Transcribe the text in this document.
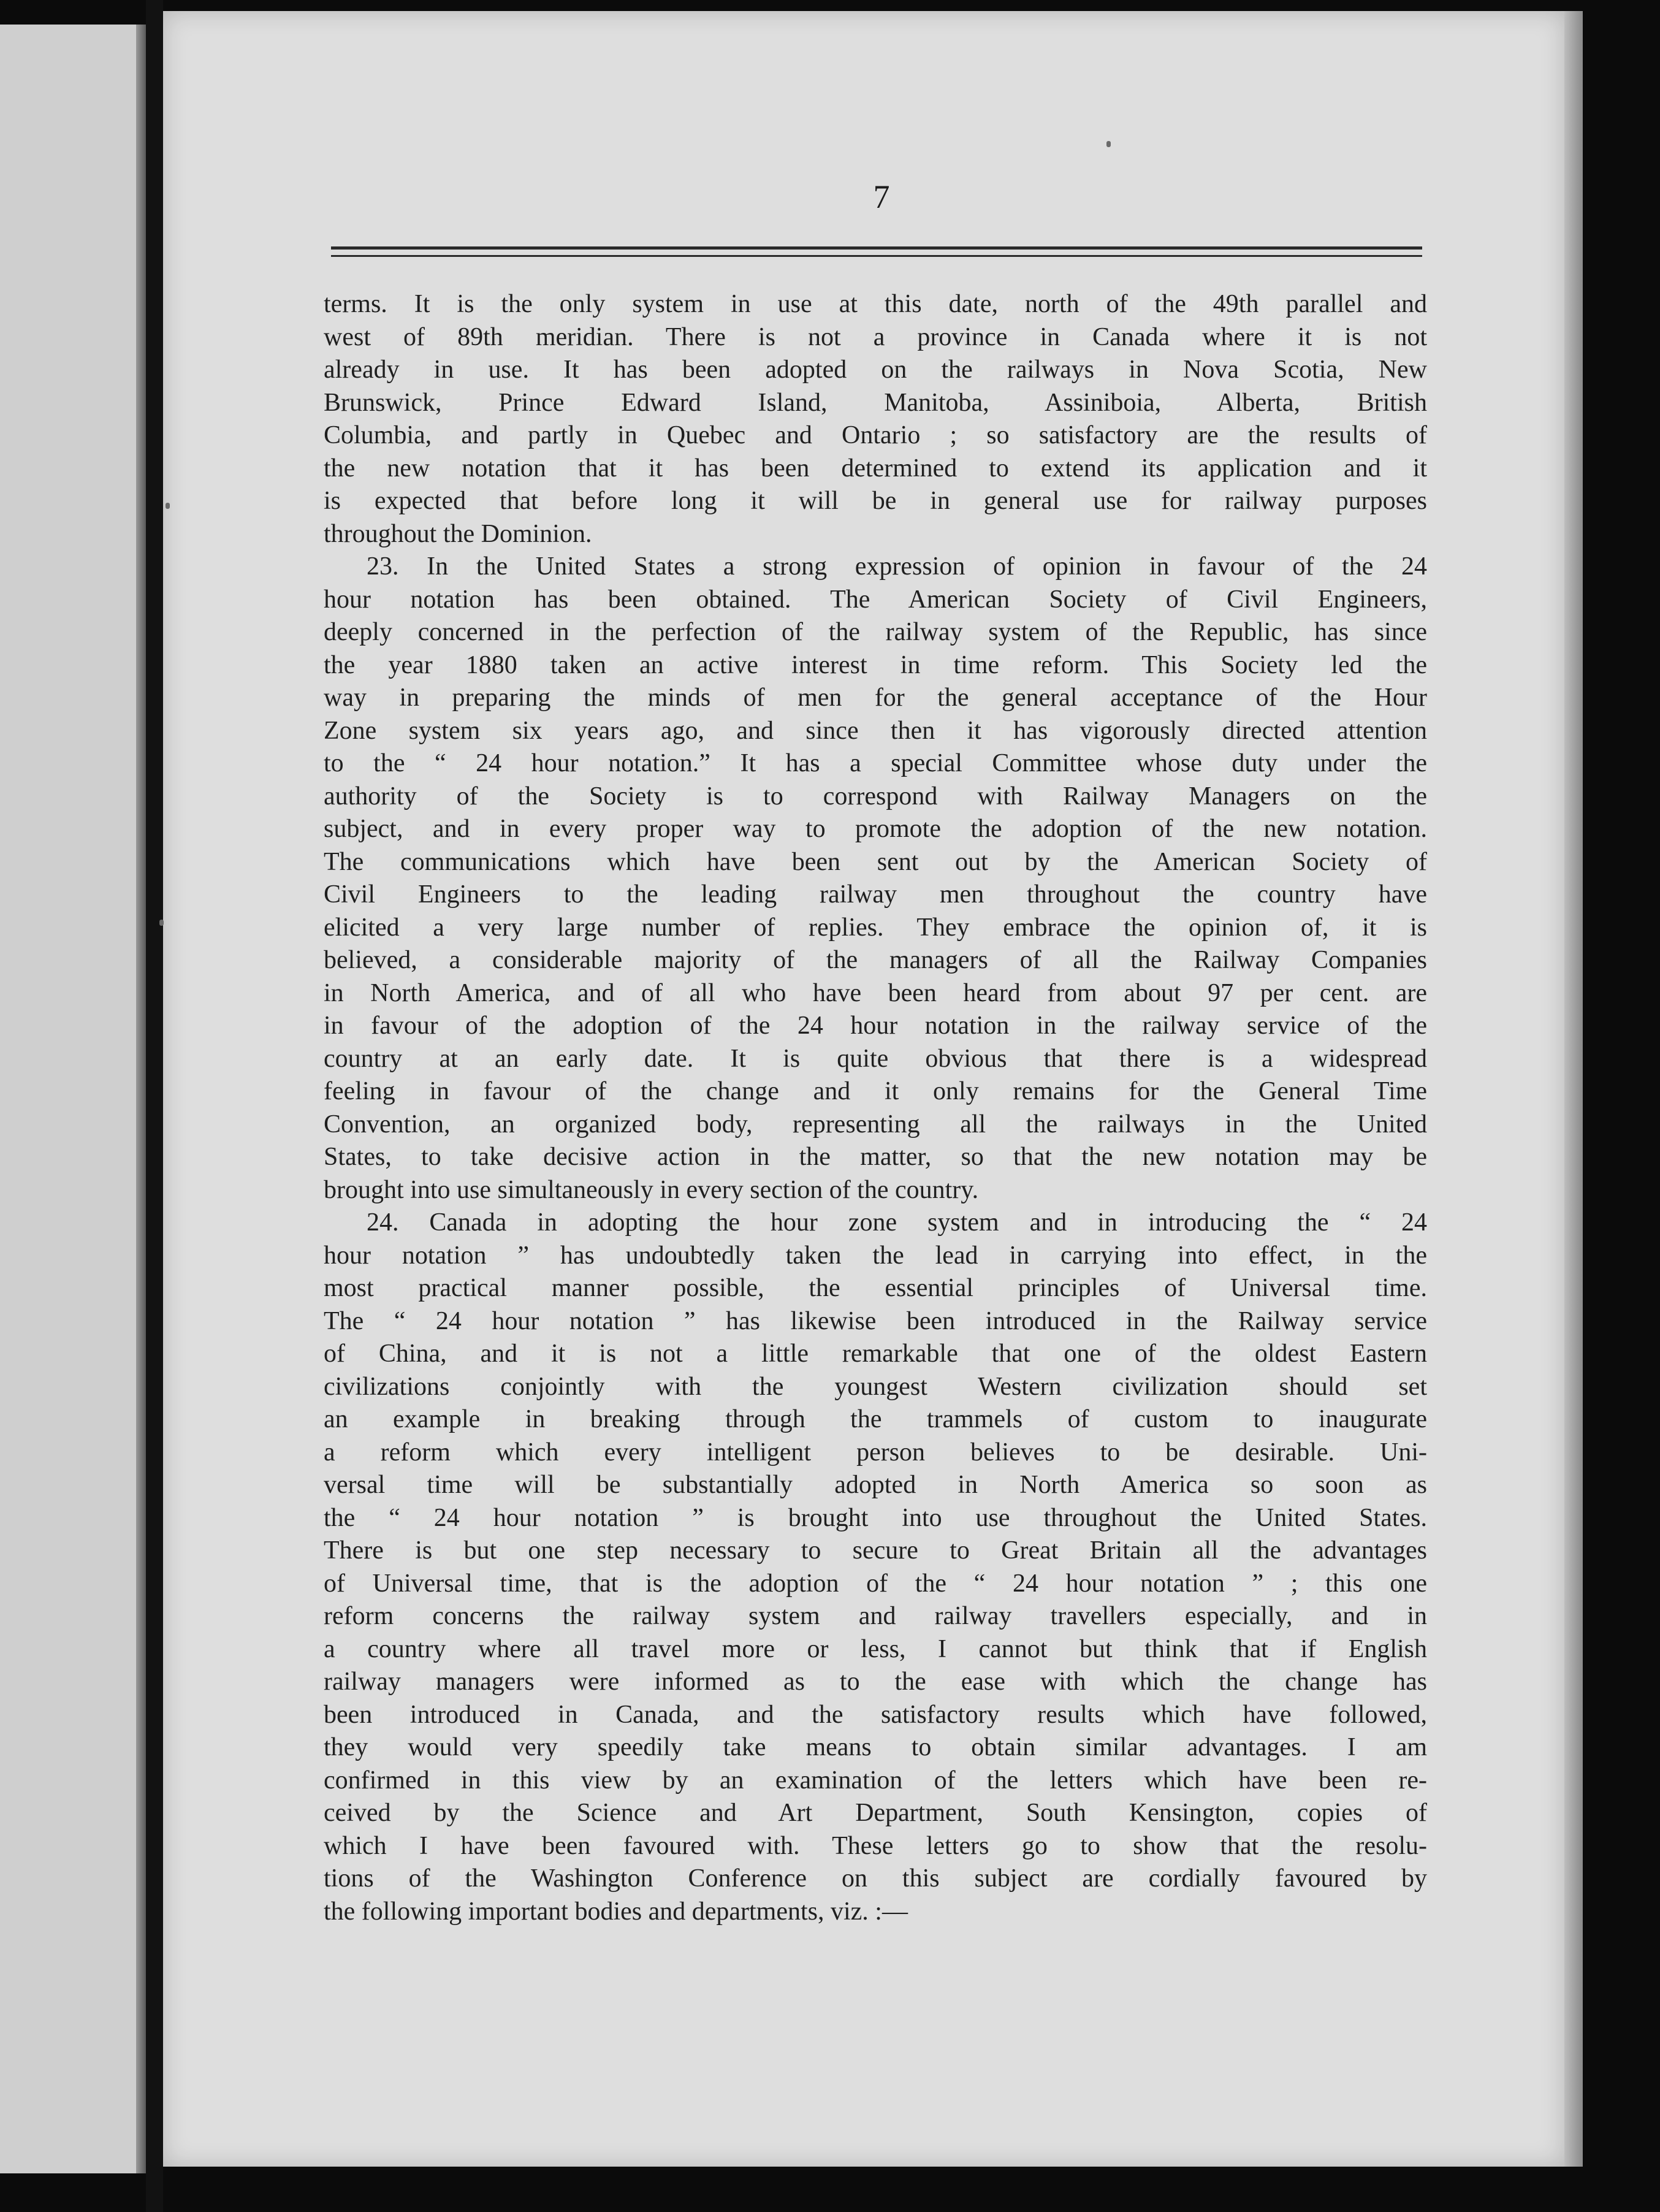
7
terms. It is the only system in use at this date, north of the 49th parallel and
west of 89th meridian. There is not a province in Canada where it is not
already in use. It has been adopted on the railways in Nova Scotia, New
Brunswick, Prince Edward Island, Manitoba, Assiniboia, Alberta, British
Columbia, and partly in Quebec and Ontario ; so satisfactory are the results of
the new notation that it has been determined to extend its application and it
is expected that before long it will be in general use for railway purposes
throughout the Dominion.
23. In the United States a strong expression of opinion in favour of the 24
hour notation has been obtained. The American Society of Civil Engineers,
deeply concerned in the perfection of the railway system of the Republic, has since
the year 1880 taken an active interest in time reform. This Society led the
way in preparing the minds of men for the general acceptance of the Hour
Zone system six years ago, and since then it has vigorously directed attention
to the “ 24 hour notation.” It has a special Committee whose duty under the
authority of the Society is to correspond with Railway Managers on the
subject, and in every proper way to promote the adoption of the new notation.
The communications which have been sent out by the American Society of
Civil Engineers to the leading railway men throughout the country have
elicited a very large number of replies. They embrace the opinion of, it is
believed, a considerable majority of the managers of all the Railway Companies
in North America, and of all who have been heard from about 97 per cent. are
in favour of the adoption of the 24 hour notation in the railway service of the
country at an early date. It is quite obvious that there is a widespread
feeling in favour of the change and it only remains for the General Time
Convention, an organized body, representing all the railways in the United
States, to take decisive action in the matter, so that the new notation may be
brought into use simultaneously in every section of the country.
24. Canada in adopting the hour zone system and in introducing the “ 24
hour notation ” has undoubtedly taken the lead in carrying into effect, in the
most practical manner possible, the essential principles of Universal time.
The “ 24 hour notation ” has likewise been introduced in the Railway service
of China, and it is not a little remarkable that one of the oldest Eastern
civilizations conjointly with the youngest Western civilization should set
an example in breaking through the trammels of custom to inaugurate
a reform which every intelligent person believes to be desirable. Uni-
versal time will be substantially adopted in North America so soon as
the “ 24 hour notation ” is brought into use throughout the United States.
There is but one step necessary to secure to Great Britain all the advantages
of Universal time, that is the adoption of the “ 24 hour notation ” ; this one
reform concerns the railway system and railway travellers especially, and in
a country where all travel more or less, I cannot but think that if English
railway managers were informed as to the ease with which the change has
been introduced in Canada, and the satisfactory results which have followed,
they would very speedily take means to obtain similar advantages. I am
confirmed in this view by an examination of the letters which have been re-
ceived by the Science and Art Department, South Kensington, copies of
which I have been favoured with. These letters go to show that the resolu-
tions of the Washington Conference on this subject are cordially favoured by
the following important bodies and departments, viz. :—
